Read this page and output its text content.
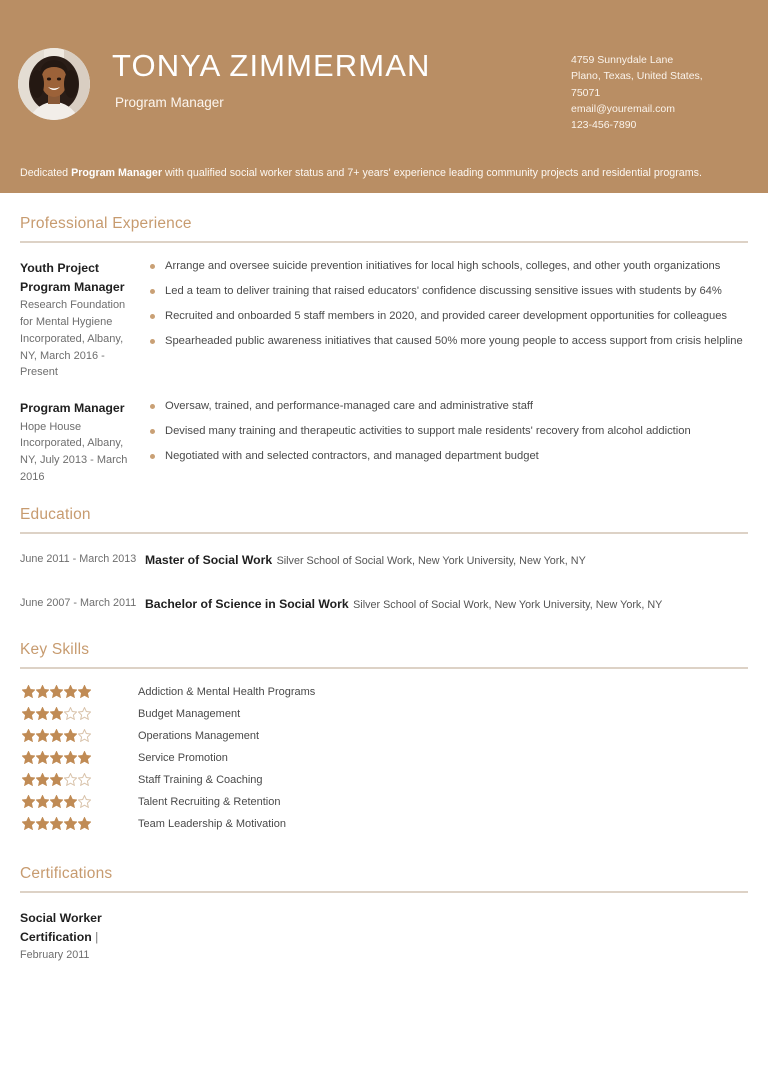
TONYA ZIMMERMAN
Program Manager
4759 Sunnydale Lane
Plano, Texas, United States,
75071
email@youremail.com
123-456-7890
Dedicated Program Manager with qualified social worker status and 7+ years' experience leading community projects and residential programs.
Professional Experience
Youth Project
Program Manager
Research Foundation for Mental Hygiene Incorporated, Albany, NY, March 2016 - Present
Arrange and oversee suicide prevention initiatives for local high schools, colleges, and other youth organizations
Led a team to deliver training that raised educators' confidence discussing sensitive issues with students by 64%
Recruited and onboarded 5 staff members in 2020, and provided career development opportunities for colleagues
Spearheaded public awareness initiatives that caused 50% more young people to access support from crisis helpline
Program Manager
Hope House Incorporated, Albany, NY, July 2013 - March 2016
Oversaw, trained, and performance-managed care and administrative staff
Devised many training and therapeutic activities to support male residents' recovery from alcohol addiction
Negotiated with and selected contractors, and managed department budget
Education
June 2011 - March 2013 Master of Social Work Silver School of Social Work, New York University, New York, NY
June 2007 - March 2011 Bachelor of Science in Social Work Silver School of Social Work, New York University, New York, NY
Key Skills
Addiction & Mental Health Programs
Budget Management
Operations Management
Service Promotion
Staff Training & Coaching
Talent Recruiting & Retention
Team Leadership & Motivation
Certifications
Social Worker Certification |
February 2011
